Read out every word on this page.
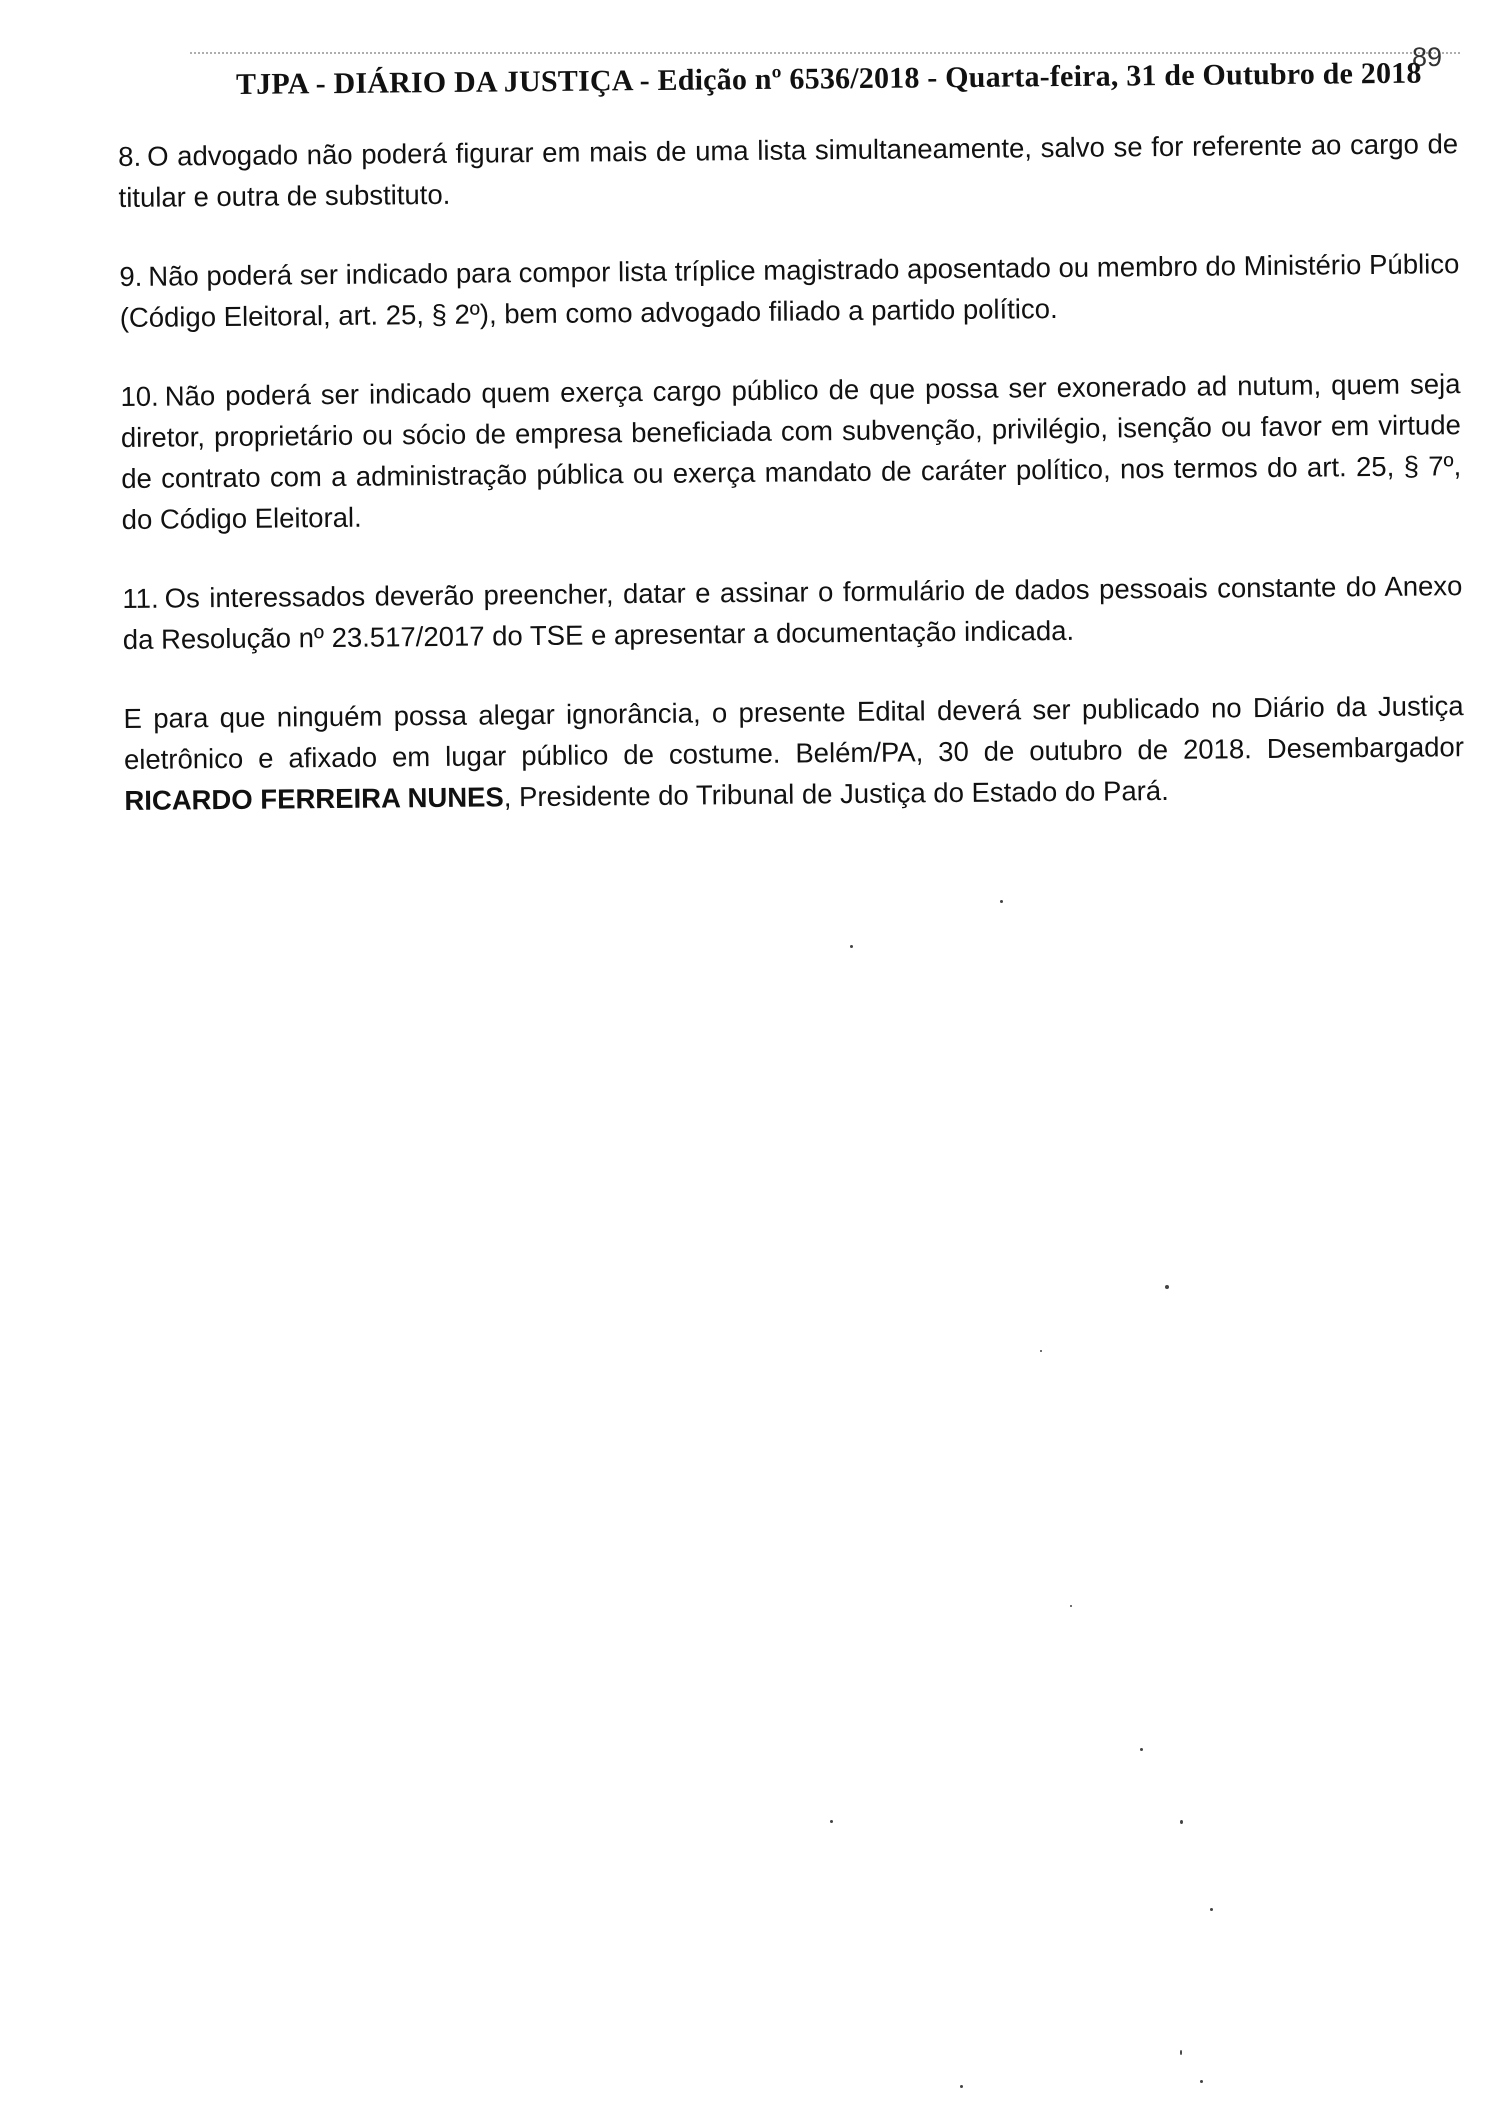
89
TJPA - DIÁRIO DA JUSTIÇA - Edição nº 6536/2018 - Quarta-feira, 31 de Outubro de 2018

8. O advogado não poderá figurar em mais de uma lista simultaneamente, salvo se for referente ao cargo de titular e outra de substituto.

9. Não poderá ser indicado para compor lista tríplice magistrado aposentado ou membro do Ministério Público (Código Eleitoral, art. 25, § 2º), bem como advogado filiado a partido político.

10. Não poderá ser indicado quem exerça cargo público de que possa ser exonerado ad nutum, quem seja diretor, proprietário ou sócio de empresa beneficiada com subvenção, privilégio, isenção ou favor em virtude de contrato com a administração pública ou exerça mandato de caráter político, nos termos do art. 25, § 7º, do Código Eleitoral.

11. Os interessados deverão preencher, datar e assinar o formulário de dados pessoais constante do Anexo da Resolução nº 23.517/2017 do TSE e apresentar a documentação indicada.

E para que ninguém possa alegar ignorância, o presente Edital deverá ser publicado no Diário da Justiça eletrônico e afixado em lugar público de costume. Belém/PA, 30 de outubro de 2018. Desembargador RICARDO FERREIRA NUNES, Presidente do Tribunal de Justiça do Estado do Pará.
